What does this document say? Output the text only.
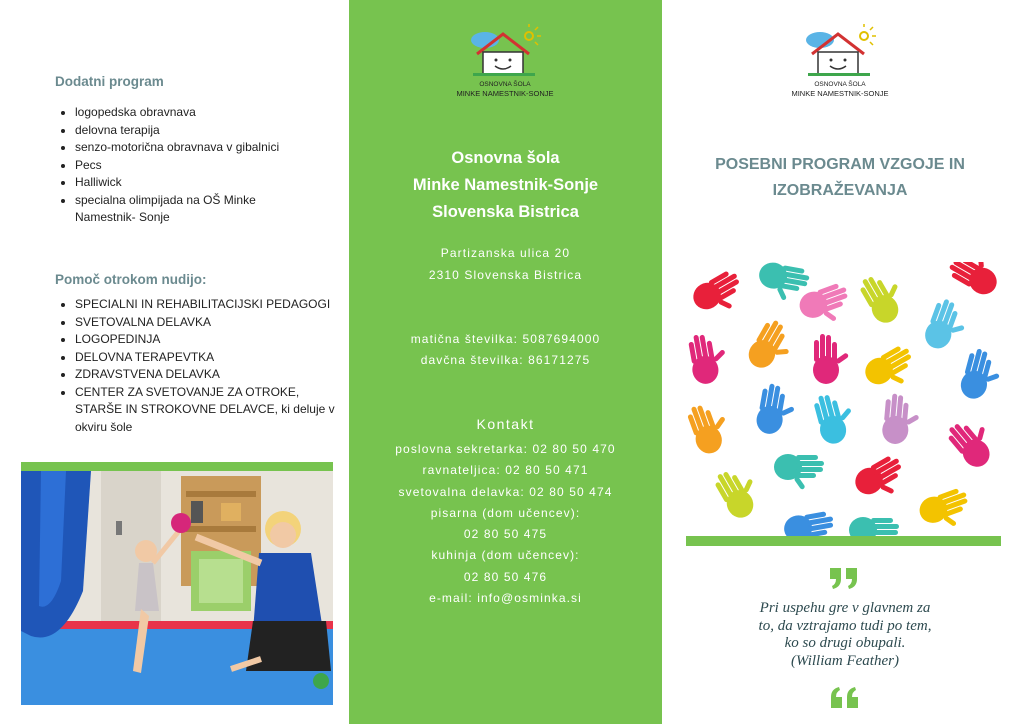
Dodatni program
logopedska obravnava
delovna terapija
senzo-motorična obravnava v gibalnici
Pecs
Halliwick
specialna olimpijada na OŠ Minke Namestnik- Sonje
Pomoč otrokom nudijo:
SPECIALNI IN REHABILITACIJSKI PEDAGOGI
SVETOVALNA DELAVKA
LOGOPEDINJA
DELOVNA TERAPEVTKA
ZDRAVSTVENA DELAVKA
CENTER ZA SVETOVANJE ZA OTROKE, STARŠE IN STROKOVNE DELAVCE, ki deluje v okviru šole
OSNOVNA ŠOLA
MINKE NAMESTNIK-SONJE
Osnovna šola
Minke Namestnik-Sonje
Slovenska Bistrica
Partizanska ulica 20
2310 Slovenska Bistrica
matična številka: 5087694000
davčna številka: 86171275
Kontakt
poslovna sekretarka: 02 80 50 470
ravnateljica: 02 80 50 471
svetovalna delavka: 02 80 50 474
pisarna (dom učencev):
02 80 50 475
kuhinja (dom učencev):
02 80 50 476
e-mail: info@osminka.si
OSNOVNA ŠOLA
MINKE NAMESTNIK-SONJE
POSEBNI PROGRAM VZGOJE IN
IZOBRAŽEVANJA
Pri uspehu gre v glavnem za
to, da vztrajamo tudi po tem,
ko so drugi obupali.
(William Feather)
